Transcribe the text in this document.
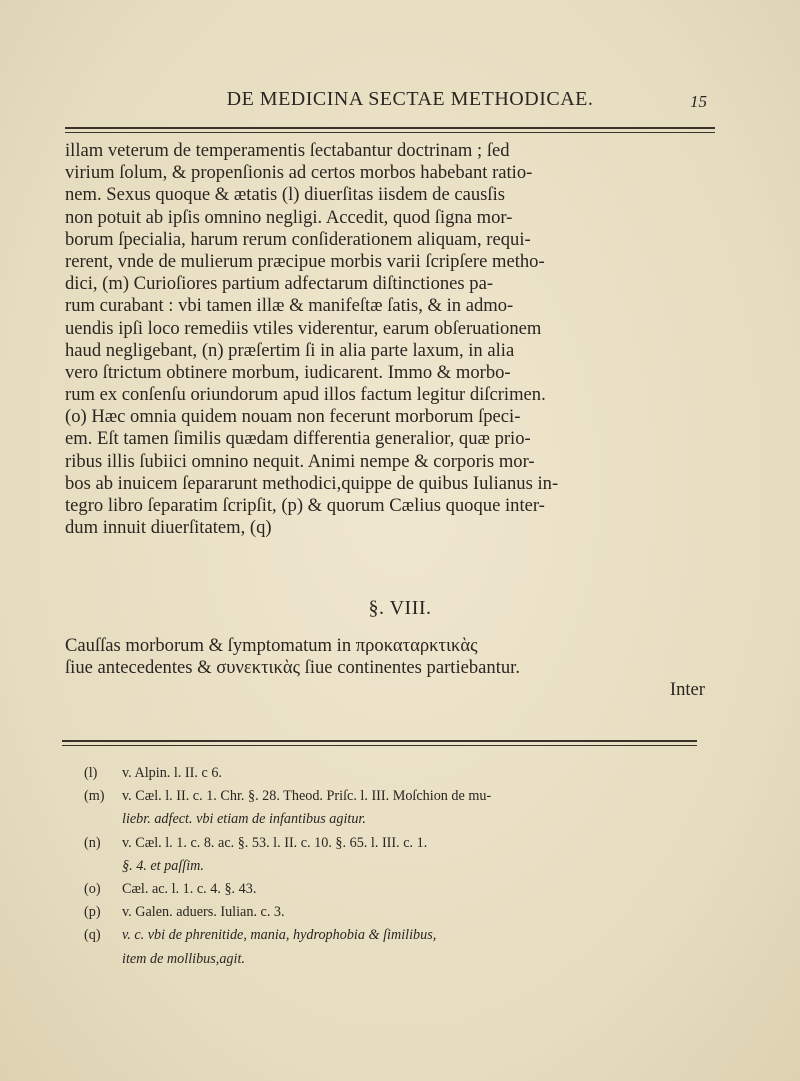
DE MEDICINA SECTAE METHODICAE.	15
illam veterum de temperamentis ſectabantur doctrinam ; ſed
virium ſolum, & propenſionis ad certos morbos habebant ratio-
nem. Sexus quoque & ætatis (l) diuerſitas iisdem de causſis
non potuit ab ipſis omnino negligi. Accedit, quod ſigna mor-
borum ſpecialia, harum rerum conſiderationem aliquam, requi-
rerent, vnde de mulierum præcipue morbis varii ſcripſere metho-
dici, (m) Curioſiores partium adfectarum diſtinctiones pa-
rum curabant : vbi tamen illæ & manifeſtæ ſatis, & in admo-
uendis ipſi loco remediis vtiles viderentur, earum obſeruationem
haud negligebant, (n) præſertim ſi in alia parte laxum, in alia
vero ſtrictum obtinere morbum, iudicarent. Immo & morbo-
rum ex conſenſu oriundorum apud illos factum legitur diſcrimen.
(o) Hæc omnia quidem nouam non fecerunt morborum ſpeci-
em. Eſt tamen ſimilis quædam differentia generalior, quæ prio-
ribus illis ſubiici omnino nequit. Animi nempe & corporis mor-
bos ab inuicem ſepararunt methodici,quippe de quibus Iulianus in-
tegro libro ſeparatim ſcripſit, (p) & quorum Cælius quoque inter-
dum innuit diuerſitatem, (q)
§. VIII.
Cauſſas morborum & ſymptomatum in προκαταρκτικὰς
ſiue antecedentes & συνεκτικὰς ſiue continentes partiebantur.
Inter
(l) v. Alpin. l. II. c 6.
(m) v. Cæl. l. II. c. 1. Chr. §. 28. Theod. Priſc. l. III. Moſchion de mu-
liebr. adfect. vbi etiam de infantibus agitur.
(n) v. Cæl. l. 1. c. 8. ac. §. 53. l. II. c. 10. §. 65. l. III. c. 1.
§. 4. et paſſim.
(o) Cæl. ac. l. 1. c. 4. §. 43.
(p) v. Galen. aduers. Iulian. c. 3.
(q) v. c. vbi de phrenitide, mania, hydrophobia & ſimilibus,
item de mollibus,agit.
